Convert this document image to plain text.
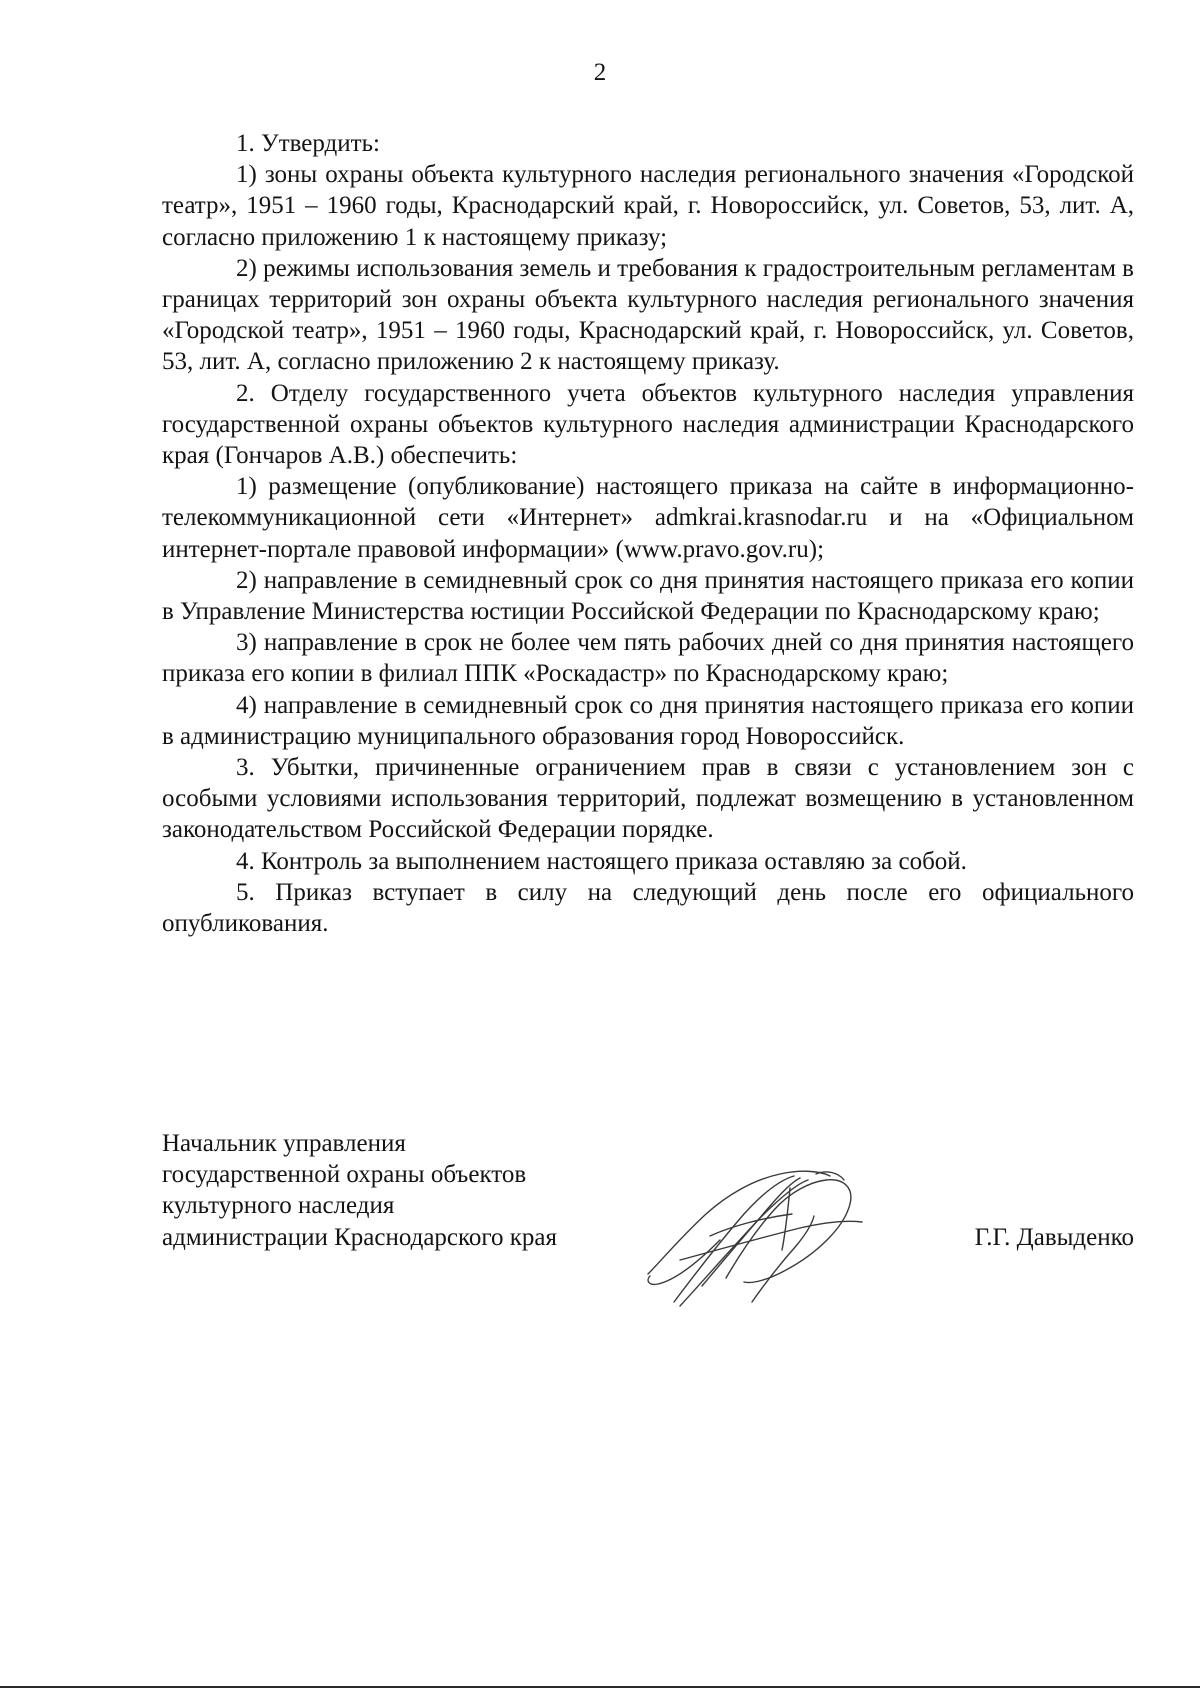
2

1. Утвердить:

1) зоны охраны объекта культурного наследия регионального значения «Городской театр», 1951 – 1960 годы, Краснодарский край, г. Новороссийск, ул. Советов, 53, лит. А, согласно приложению 1 к настоящему приказу;

2) режимы использования земель и требования к градостроительным регламентам в границах территорий зон охраны объекта культурного наследия регионального значения «Городской театр», 1951 – 1960 годы, Краснодарский край, г. Новороссийск, ул. Советов, 53, лит. А, согласно приложению 2 к настоящему приказу.

2. Отделу государственного учета объектов культурного наследия управления государственной охраны объектов культурного наследия администрации Краснодарского края (Гончаров А.В.) обеспечить:

1) размещение (опубликование) настоящего приказа на сайте в информационно-телекоммуникационной сети «Интернет» admkrai.krasnodar.ru и на «Официальном интернет-портале правовой информации» (www.pravo.gov.ru);

2) направление в семидневный срок со дня принятия настоящего приказа его копии в Управление Министерства юстиции Российской Федерации по Краснодарскому краю;

3) направление в срок не более чем пять рабочих дней со дня принятия настоящего приказа его копии в филиал ППК «Роскадастр» по Краснодарскому краю;

4) направление в семидневный срок со дня принятия настоящего приказа его копии в администрацию муниципального образования город Новороссийск.

3. Убытки, причиненные ограничением прав в связи с установлением зон с особыми условиями использования территорий, подлежат возмещению в установленном законодательством Российской Федерации порядке.

4. Контроль за выполнением настоящего приказа оставляю за собой.

5. Приказ вступает в силу на следующий день после его официального опубликования.

Начальник управления
государственной охраны объектов
культурного наследия
администрации Краснодарского края	Г.Г. Давыденко
